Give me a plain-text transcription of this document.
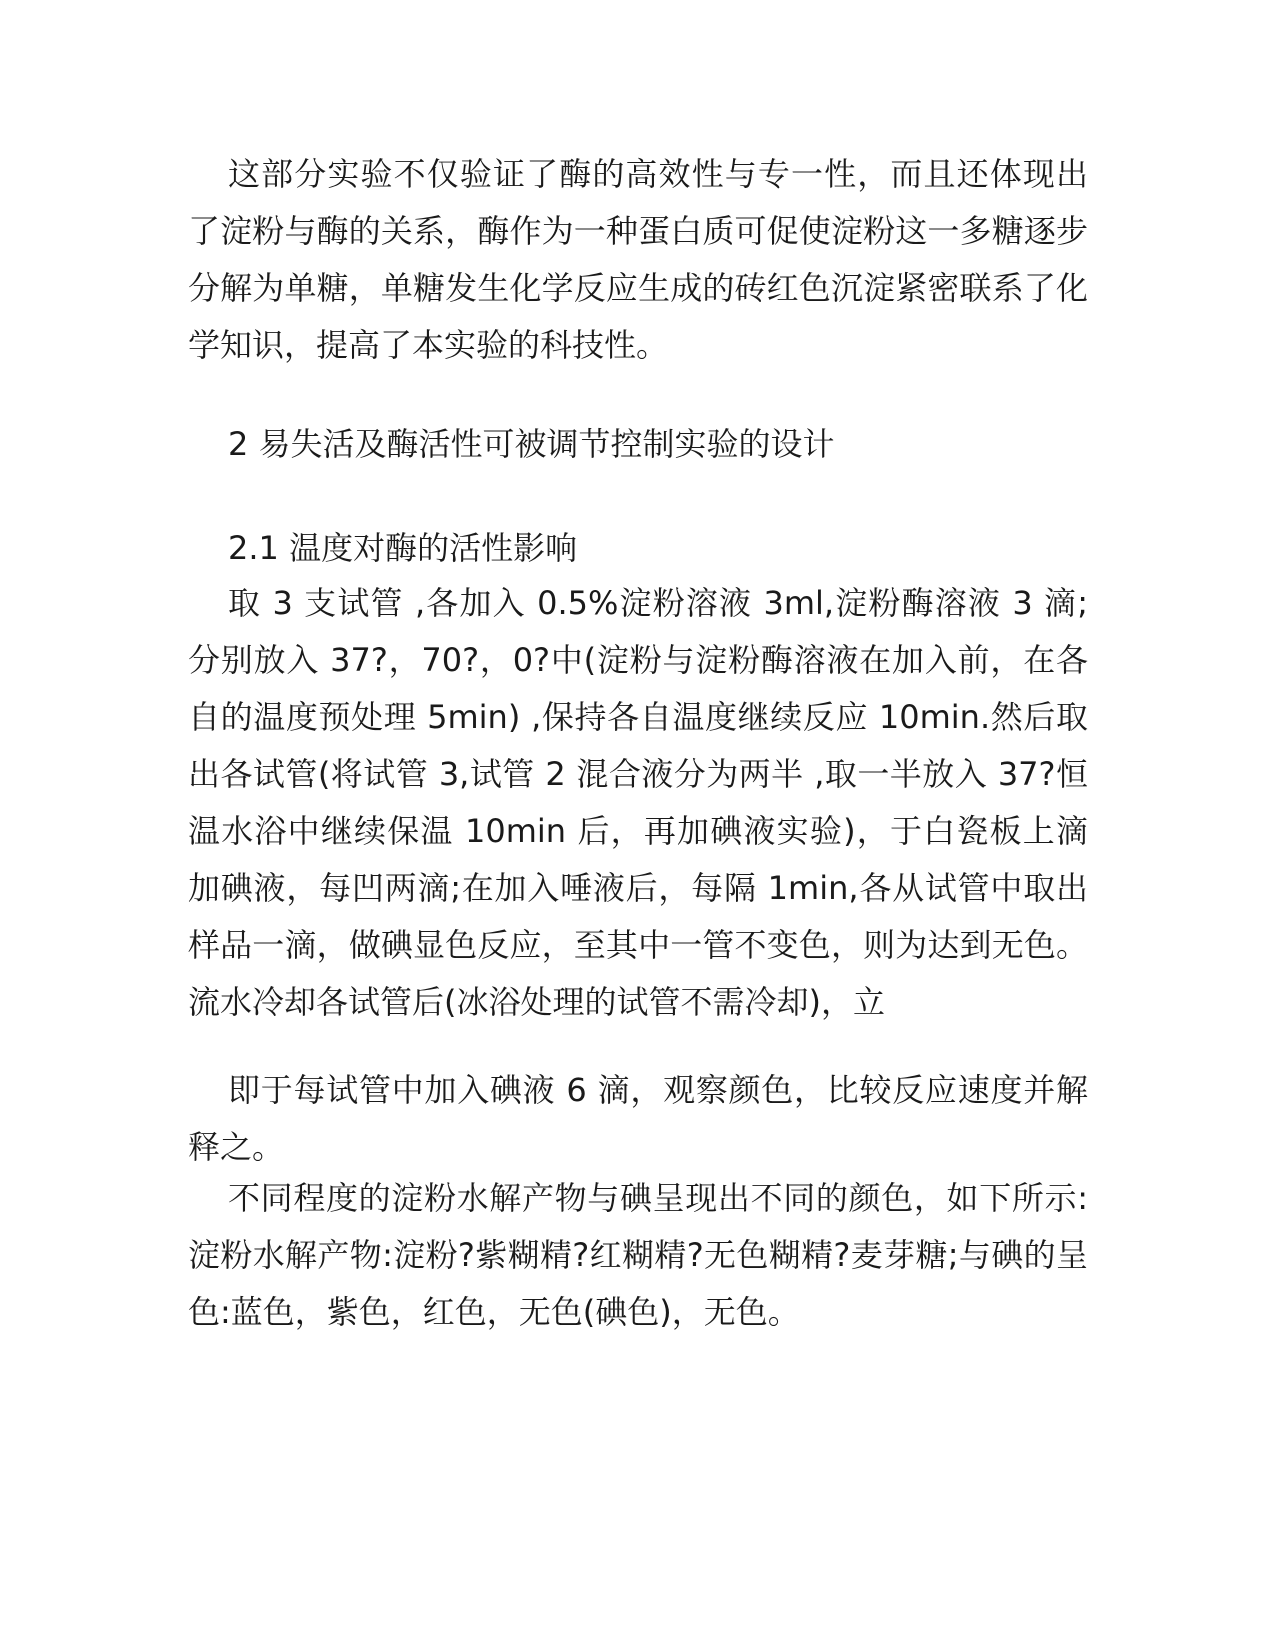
这部分实验不仅验证了酶的高效性与专一性，而且还体现出了淀粉与酶的关系，酶作为一种蛋白质可促使淀粉这一多糖逐步分解为单糖，单糖发生化学反应生成的砖红色沉淀紧密联系了化学知识，提高了本实验的科技性。

2 易失活及酶活性可被调节控制实验的设计

2.1 温度对酶的活性影响

取 3 支试管 ,各加入 0.5%淀粉溶液 3ml,淀粉酶溶液 3 滴;分别放入 37?，70?，0?中(淀粉与淀粉酶溶液在加入前，在各自的温度预处理 5min) ,保持各自温度继续反应 10min.然后取出各试管(将试管 3,试管 2 混合液分为两半 ,取一半放入 37?恒温水浴中继续保温 10min 后，再加碘液实验)，于白瓷板上滴加碘液，每凹两滴;在加入唾液后，每隔 1min,各从试管中取出样品一滴，做碘显色反应，至其中一管不变色，则为达到无色。流水冷却各试管后(冰浴处理的试管不需冷却)，立

即于每试管中加入碘液 6 滴，观察颜色，比较反应速度并解释之。

不同程度的淀粉水解产物与碘呈现出不同的颜色，如下所示:淀粉水解产物:淀粉?紫糊精?红糊精?无色糊精?麦芽糖;与碘的呈色:蓝色，紫色，红色，无色(碘色)，无色。
